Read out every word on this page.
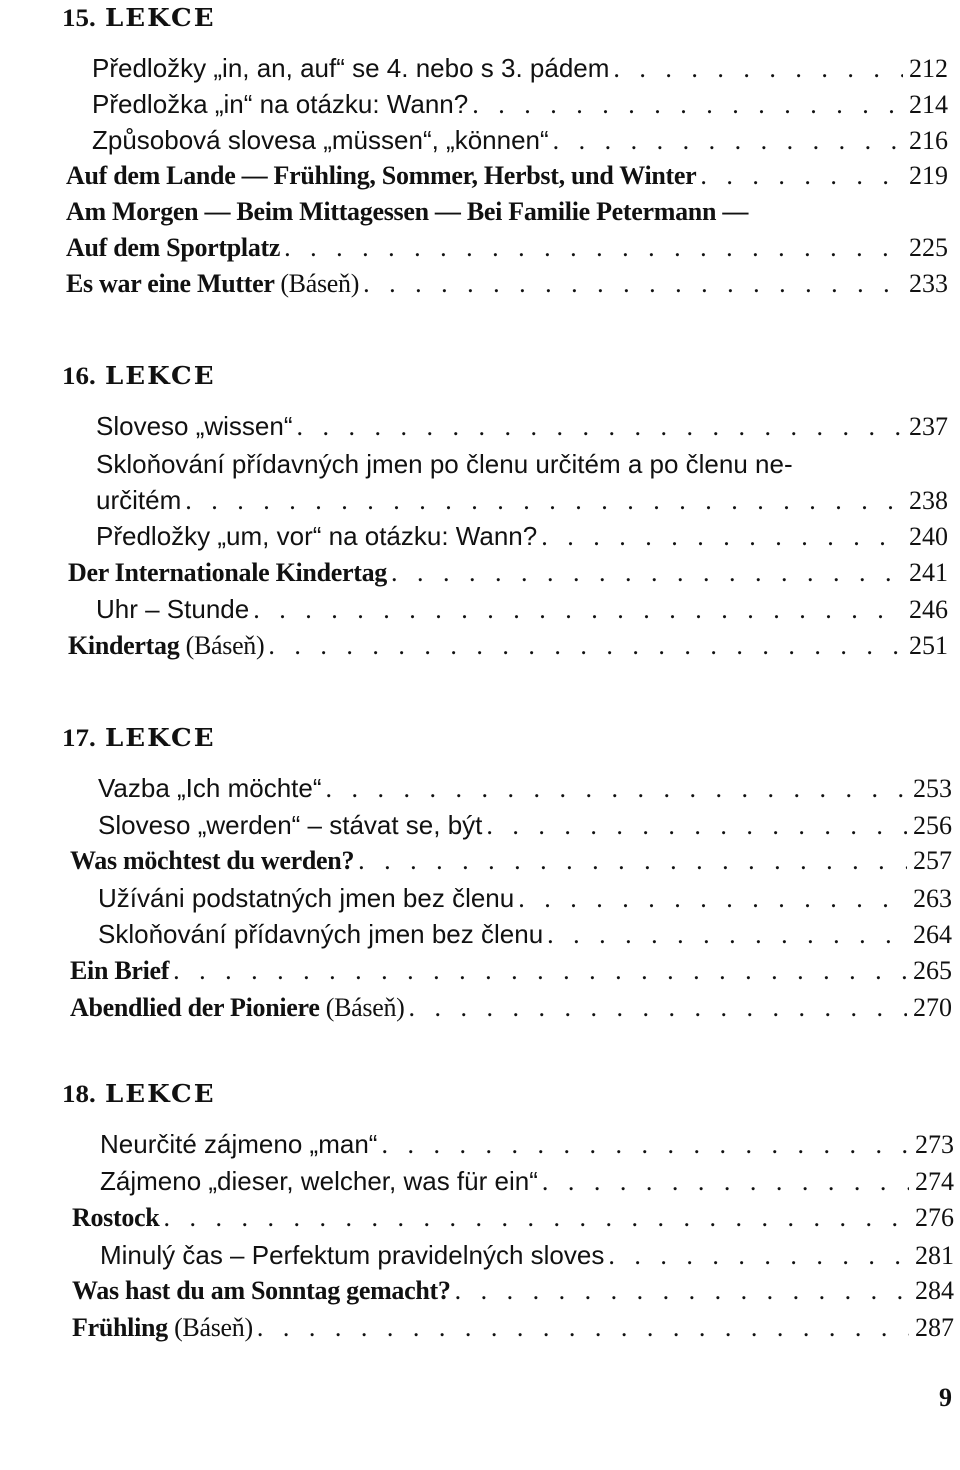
15. LEKCE
Předložky „in, an, auf“ se 4. nebo s 3. pádem . . .	212
Předložka „in“ na otázku: Wann? . . .	214
Způsobová slovesa „müssen“, „können“ . . .	216
Auf dem Lande — Frühling, Sommer, Herbst, und Winter . . .	219
Am Morgen — Beim Mittagessen — Bei Familie Petermann —
Auf dem Sportplatz . . .	225
Es war eine Mutter (Báseň) . . .	233
16. LEKCE
Sloveso „wissen“ . . .	237
Skloňování přídavných jmen po členu určitém a po členu ne-
určitém . . .	238
Předložky „um, vor“ na otázku: Wann? . . .	240
Der Internationale Kindertag . . .	241
Uhr – Stunde . . .	246
Kindertag (Báseň) . . .	251
17. LEKCE
Vazba „Ich möchte“ . . .	253
Sloveso „werden“ – stávat se, být . . .	256
Was möchtest du werden? . . .	257
Užíváni podstatných jmen bez členu . . .	263
Skloňování přídavných jmen bez členu . . .	264
Ein Brief . . .	265
Abendlied der Pioniere (Báseň) . . .	270
18. LEKCE
Neurčité zájmeno „man“ . . .	273
Zájmeno „dieser, welcher, was für ein“ . . .	274
Rostock . . .	276
Minulý čas – Perfektum pravidelných sloves . . .	281
Was hast du am Sonntag gemacht? . . .	284
Frühling (Báseň) . . .	287
9
